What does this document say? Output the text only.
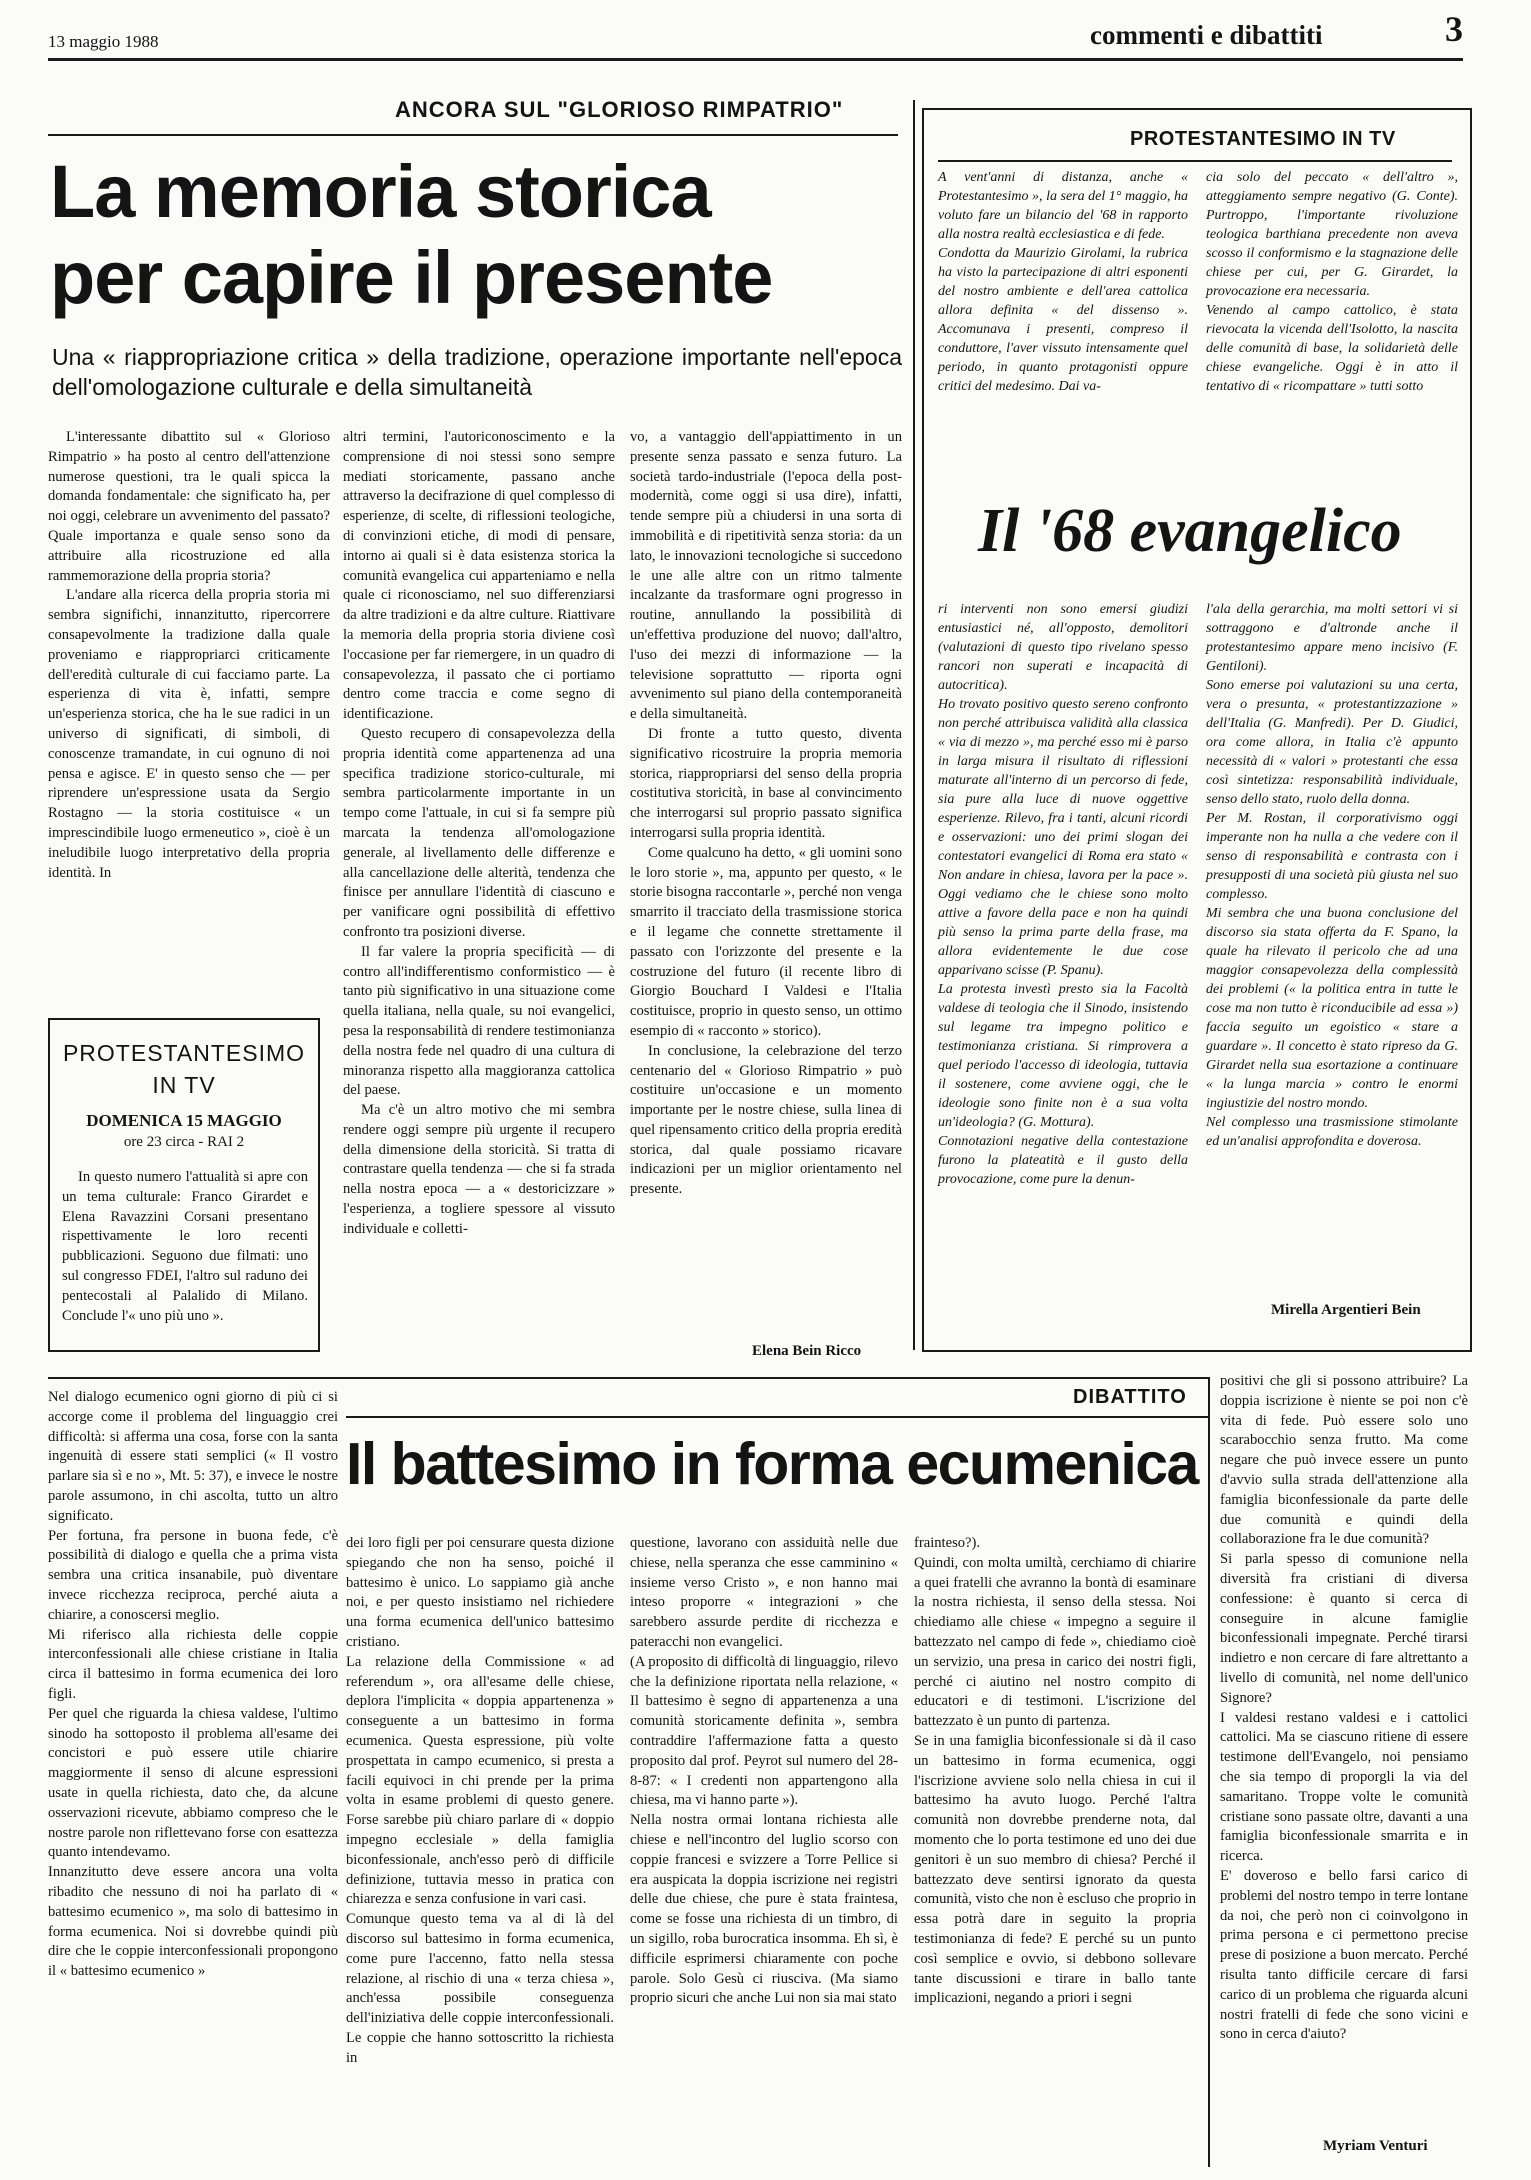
13 maggio 1988	commenti e dibattiti	3
ANCORA SUL "GLORIOSO RIMPATRIO"
La memoria storica
per capire il presente
Una « riappropriazione critica » della tradizione, operazione importante nell'epoca dell'omologazione culturale e della simultaneità

L'interessante dibattito sul « Glorioso Rimpatrio » ha posto al centro dell'attenzione numerose questioni, tra le quali spicca la domanda fondamentale: che significato ha, per noi oggi, celebrare un avvenimento del passato? Quale importanza e quale senso sono da attribuire alla ricostruzione ed alla rammemorazione della propria storia?

L'andare alla ricerca della propria storia mi sembra significhi, innanzitutto, ripercorrere consapevolmente la tradizione dalla quale proveniamo e riappropriarci criticamente dell'eredità culturale di cui facciamo parte. La esperienza di vita è, infatti, sempre un'esperienza storica, che ha le sue radici in un universo di significati, di simboli, di conoscenze tramandate, in cui ognuno di noi pensa e agisce. E' in questo senso che — per riprendere un'espressione usata da Sergio Rostagno — la storia costituisce « un imprescindibile luogo ermeneutico », cioè è un ineludibile luogo interpretativo della propria identità. In

altri termini, l'autoriconoscimento e la comprensione di noi stessi sono sempre mediati storicamente, passano anche attraverso la decifrazione di quel complesso di esperienze, di scelte, di riflessioni teologiche, di convinzioni etiche, di modi di pensare, intorno ai quali si è data esistenza storica la comunità evangelica cui apparteniamo e nella quale ci riconosciamo, nel suo differenziarsi da altre tradizioni e da altre culture. Riattivare la memoria della propria storia diviene così l'occasione per far riemergere, in un quadro di consapevolezza, il passato che ci portiamo dentro come traccia e come segno di identificazione.

Questo recupero di consapevolezza della propria identità come appartenenza ad una specifica tradizione storico-culturale, mi sembra particolarmente importante in un tempo come l'attuale, in cui si fa sempre più marcata la tendenza all'omologazione generale, al livellamento delle differenze e alla cancellazione delle alterità, tendenza che finisce per annullare l'identità di ciascuno e per vanificare ogni possibilità di effettivo confronto tra posizioni diverse.

Il far valere la propria specificità — di contro all'indifferentismo conformistico — è tanto più significativo in una situazione come quella italiana, nella quale, su noi evangelici, pesa la responsabilità di rendere testimonianza della nostra fede nel quadro di una cultura di minoranza rispetto alla maggioranza cattolica del paese.

Ma c'è un altro motivo che mi sembra rendere oggi sempre più urgente il recupero della dimensione della storicità. Si tratta di contrastare quella tendenza — che si fa strada nella nostra epoca — a « destoricizzare » l'esperienza, a togliere spessore al vissuto individuale e colletti-

vo, a vantaggio dell'appiattimento in un presente senza passato e senza futuro. La società tardo-industriale (l'epoca della post-modernità, come oggi si usa dire), infatti, tende sempre più a chiudersi in una sorta di immobilità e di ripetitività senza storia: da un lato, le innovazioni tecnologiche si succedono le une alle altre con un ritmo talmente incalzante da trasformare ogni progresso in routine, annullando la possibilità di un'effettiva produzione del nuovo; dall'altro, l'uso dei mezzi di informazione — la televisione soprattutto — riporta ogni avvenimento sul piano della contemporaneità e della simultaneità.

Di fronte a tutto questo, diventa significativo ricostruire la propria memoria storica, riappropriarsi del senso della propria costitutiva storicità, in base al convincimento che interrogarsi sul proprio passato significa interrogarsi sulla propria identità.

Come qualcuno ha detto, « gli uomini sono le loro storie », ma, appunto per questo, « le storie bisogna raccontarle », perché non venga smarrito il tracciato della trasmissione storica e il legame che connette strettamente il passato con l'orizzonte del presente e la costruzione del futuro (il recente libro di Giorgio Bouchard I Valdesi e l'Italia costituisce, proprio in questo senso, un ottimo esempio di « racconto » storico).

In conclusione, la celebrazione del terzo centenario del « Glorioso Rimpatrio » può costituire un'occasione e un momento importante per le nostre chiese, sulla linea di quel ripensamento critico della propria eredità storica, dal quale possiamo ricavare indicazioni per un miglior orientamento nel presente.

Elena Bein Ricco
PROTESTANTESIMO
IN TV
DOMENICA 15 MAGGIO
ore 23 circa - RAI 2
In questo numero l'attualità si apre con un tema culturale: Franco Girardet e Elena Ravazzini Corsani presentano rispettivamente le loro recenti pubblicazioni. Seguono due filmati: uno sul congresso FDEI, l'altro sul raduno dei pentecostali al Palalido di Milano. Conclude l'« uno più uno ».
PROTESTANTESIMO IN TV
A vent'anni di distanza, anche « Protestantesimo », la sera del 1° maggio, ha voluto fare un bilancio del '68 in rapporto alla nostra realtà ecclesiastica e di fede.
Condotta da Maurizio Girolami, la rubrica ha visto la partecipazione di altri esponenti del nostro ambiente e dell'area cattolica allora definita « del dissenso ». Accomunava i presenti, compreso il conduttore, l'aver vissuto intensamente quel periodo, in quanto protagonisti oppure critici del medesimo. Dai va-
cia solo del peccato « dell'altro », atteggiamento sempre negativo (G. Conte). Purtroppo, l'importante rivoluzione teologica barthiana precedente non aveva scosso il conformismo e la stagnazione delle chiese per cui, per G. Girardet, la provocazione era necessaria.
Venendo al campo cattolico, è stata rievocata la vicenda dell'Isolotto, la nascita delle comunità di base, la solidarietà delle chiese evangeliche. Oggi è in atto il tentativo di « ricompattare » tutti sotto
Il '68 evangelico
ri interventi non sono emersi giudizi entusiastici né, all'opposto, demolitori (valutazioni di questo tipo rivelano spesso rancori non superati e incapacità di autocritica).
Ho trovato positivo questo sereno confronto non perché attribuisca validità alla classica « via di mezzo », ma perché esso mi è parso in larga misura il risultato di riflessioni maturate all'interno di un percorso di fede, sia pure alla luce di nuove oggettive esperienze. Rilevo, fra i tanti, alcuni ricordi e osservazioni: uno dei primi slogan dei contestatori evangelici di Roma era stato « Non andare in chiesa, lavora per la pace ». Oggi vediamo che le chiese sono molto attive a favore della pace e non ha quindi più senso la prima parte della frase, ma allora evidentemente le due cose apparivano scisse (P. Spanu).
La protesta investì presto sia la Facoltà valdese di teologia che il Sinodo, insistendo sul legame tra impegno politico e testimonianza cristiana. Si rimprovera a quel periodo l'accesso di ideologia, tuttavia il sostenere, come avviene oggi, che le ideologie sono finite non è a sua volta un'ideologia? (G. Mottura).
Connotazioni negative della contestazione furono la plateatità e il gusto della provocazione, come pure la denun-
l'ala della gerarchia, ma molti settori vi si sottraggono e d'altronde anche il protestantesimo appare meno incisivo (F. Gentiloni).
Sono emerse poi valutazioni su una certa, vera o presunta, « protestantizzazione » dell'Italia (G. Manfredi). Per D. Giudici, ora come allora, in Italia c'è appunto necessità di « valori » protestanti che essa così sintetizza: responsabilità individuale, senso dello stato, ruolo della donna.
Per M. Rostan, il corporativismo oggi imperante non ha nulla a che vedere con il senso di responsabilità e contrasta con i presupposti di una società più giusta nel suo complesso.
Mi sembra che una buona conclusione del discorso sia stata offerta da F. Spano, la quale ha rilevato il pericolo che ad una maggior consapevolezza della complessità dei problemi (« la politica entra in tutte le cose ma non tutto è riconducibile ad essa ») faccia seguito un egoistico « stare a guardare ». Il concetto è stato ripreso da G. Girardet nella sua esortazione a continuare « la lunga marcia » contro le enormi ingiustizie del nostro mondo.
Nel complesso una trasmissione stimolante ed un'analisi approfondita e doverosa.
Mirella Argentieri Bein
Nel dialogo ecumenico ogni giorno di più ci si accorge come il problema del linguaggio crei difficoltà: si afferma una cosa, forse con la santa ingenuità di essere stati semplici (« Il vostro parlare sia sì e no », Mt. 5: 37), e invece le nostre parole assumono, in chi ascolta, tutto un altro significato.
Per fortuna, fra persone in buona fede, c'è possibilità di dialogo e quella che a prima vista sembra una critica insanabile, può diventare invece ricchezza reciproca, perché aiuta a chiarire, a conoscersi meglio.
Mi riferisco alla richiesta delle coppie interconfessionali alle chiese cristiane in Italia circa il battesimo in forma ecumenica dei loro figli.
Per quel che riguarda la chiesa valdese, l'ultimo sinodo ha sottoposto il problema all'esame dei concistori e può essere utile chiarire maggiormente il senso di alcune espressioni usate in quella richiesta, dato che, da alcune osservazioni ricevute, abbiamo compreso che le nostre parole non riflettevano forse con esattezza quanto intendevamo.
Innanzitutto deve essere ancora una volta ribadito che nessuno di noi ha parlato di « battesimo ecumenico », ma solo di battesimo in forma ecumenica. Noi si dovrebbe quindi più dire che le coppie interconfessionali propongono il « battesimo ecumenico »
DIBATTITO
Il battesimo in forma ecumenica
dei loro figli per poi censurare questa dizione spiegando che non ha senso, poiché il battesimo è unico. Lo sappiamo già anche noi, e per questo insistiamo nel richiedere una forma ecumenica dell'unico battesimo cristiano.
La relazione della Commissione « ad referendum », ora all'esame delle chiese, deplora l'implicita « doppia appartenenza » conseguente a un battesimo in forma ecumenica. Questa espressione, più volte prospettata in campo ecumenico, si presta a facili equivoci in chi prende per la prima volta in esame problemi di questo genere. Forse sarebbe più chiaro parlare di « doppio impegno ecclesiale » della famiglia biconfessionale, anch'esso però di difficile definizione, tuttavia messo in pratica con chiarezza e senza confusione in vari casi.
Comunque questo tema va al di là del discorso sul battesimo in forma ecumenica, come pure l'accenno, fatto nella stessa relazione, al rischio di una « terza chiesa », anch'essa possibile conseguenza dell'iniziativa delle coppie interconfessionali. Le coppie che hanno sottoscritto la richiesta in
questione, lavorano con assiduità nelle due chiese, nella speranza che esse camminino « insieme verso Cristo », e non hanno mai inteso proporre « integrazioni » che sarebbero assurde perdite di ricchezza e pateracchi non evangelici.
(A proposito di difficoltà di linguaggio, rilevo che la definizione riportata nella relazione, « Il battesimo è segno di appartenenza a una comunità storicamente definita », sembra contraddire l'affermazione fatta a questo proposito dal prof. Peyrot sul numero del 28-8-87: « I credenti non appartengono alla chiesa, ma vi hanno parte »).
Nella nostra ormai lontana richiesta alle chiese e nell'incontro del luglio scorso con coppie francesi e svizzere a Torre Pellice si era auspicata la doppia iscrizione nei registri delle due chiese, che pure è stata fraintesa, come se fosse una richiesta di un timbro, di un sigillo, roba burocratica insomma. Eh sì, è difficile esprimersi chiaramente con poche parole. Solo Gesù ci riusciva. (Ma siamo proprio sicuri che anche Lui non sia mai stato
frainteso?).
Quindi, con molta umiltà, cerchiamo di chiarire a quei fratelli che avranno la bontà di esaminare la nostra richiesta, il senso della stessa. Noi chiediamo alle chiese « impegno a seguire il battezzato nel campo di fede », chiediamo cioè un servizio, una presa in carico dei nostri figli, perché ci aiutino nel nostro compito di educatori e di testimoni. L'iscrizione del battezzato è un punto di partenza.
Se in una famiglia biconfessionale si dà il caso un battesimo in forma ecumenica, oggi l'iscrizione avviene solo nella chiesa in cui il battesimo ha avuto luogo. Perché l'altra comunità non dovrebbe prenderne nota, dal momento che lo porta testimone ed uno dei due genitori è un suo membro di chiesa? Perché il battezzato deve sentirsi ignorato da questa comunità, visto che non è escluso che proprio in essa potrà dare in seguito la propria testimonianza di fede? E perché su un punto così semplice e ovvio, si debbono sollevare tante discussioni e tirare in ballo tante implicazioni, negando a priori i segni
positivi che gli si possono attribuire? La doppia iscrizione è niente se poi non c'è vita di fede. Può essere solo uno scarabocchio senza frutto. Ma come negare che può invece essere un punto d'avvio sulla strada dell'attenzione alla famiglia biconfessionale da parte delle due comunità e quindi della collaborazione fra le due comunità?
Si parla spesso di comunione nella diversità fra cristiani di diversa confessione: è quanto si cerca di conseguire in alcune famiglie biconfessionali impegnate. Perché tirarsi indietro e non cercare di fare altrettanto a livello di comunità, nel nome dell'unico Signore?
I valdesi restano valdesi e i cattolici cattolici. Ma se ciascuno ritiene di essere testimone dell'Evangelo, noi pensiamo che sia tempo di proporgli la via del samaritano. Troppe volte le comunità cristiane sono passate oltre, davanti a una famiglia biconfessionale smarrita e in ricerca.
E' doveroso e bello farsi carico di problemi del nostro tempo in terre lontane da noi, che però non ci coinvolgono in prima persona e ci permettono precise prese di posizione a buon mercato. Perché risulta tanto difficile cercare di farsi carico di un problema che riguarda alcuni nostri fratelli di fede che sono vicini e sono in cerca d'aiuto?
Myriam Venturi
